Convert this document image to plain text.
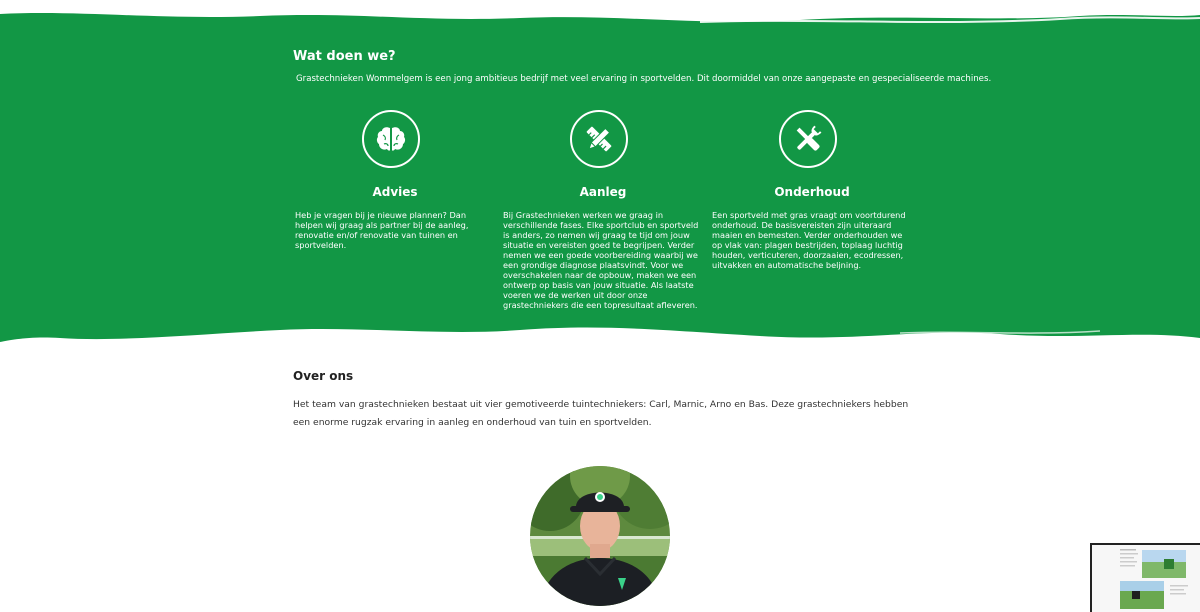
Wat doen we?

Grastechnieken Wommelgem is een jong ambitieus bedrijf met veel ervaring in sportvelden. Dit doormiddel van onze aangepaste en gespecialiseerde machines.

Advies

Heb je vragen bij je nieuwe plannen? Dan helpen wij graag als partner bij de aanleg, renovatie en/of renovatie van tuinen en sportvelden.

Aanleg

Bij Grastechnieken werken we graag in verschillende fases. Elke sportclub en sportveld is anders, zo nemen wij graag te tijd om jouw situatie en vereisten goed te begrijpen. Verder nemen we een goede voorbereiding waarbij we een grondige diagnose plaatsvindt. Voor we overschakelen naar de opbouw, maken we een ontwerp op basis van jouw situatie. Als laatste voeren we de werken uit door onze grastechniekers die een topresultaat afleveren.

Onderhoud

Een sportveld met gras vraagt om voortdurend onderhoud. De basisvereisten zijn uiteraard maaien en bemesten. Verder onderhouden we op vlak van: plagen bestrijden, toplaag luchtig houden, verticuteren, doorzaaien, ecodressen, uitvakken en automatische beljning.

Over ons

Het team van grastechnieken bestaat uit vier gemotiveerde tuintechniekers: Carl, Marnic, Arno en Bas. Deze grastechniekers hebben een enorme rugzak ervaring in aanleg en onderhoud van tuin en sportvelden.
